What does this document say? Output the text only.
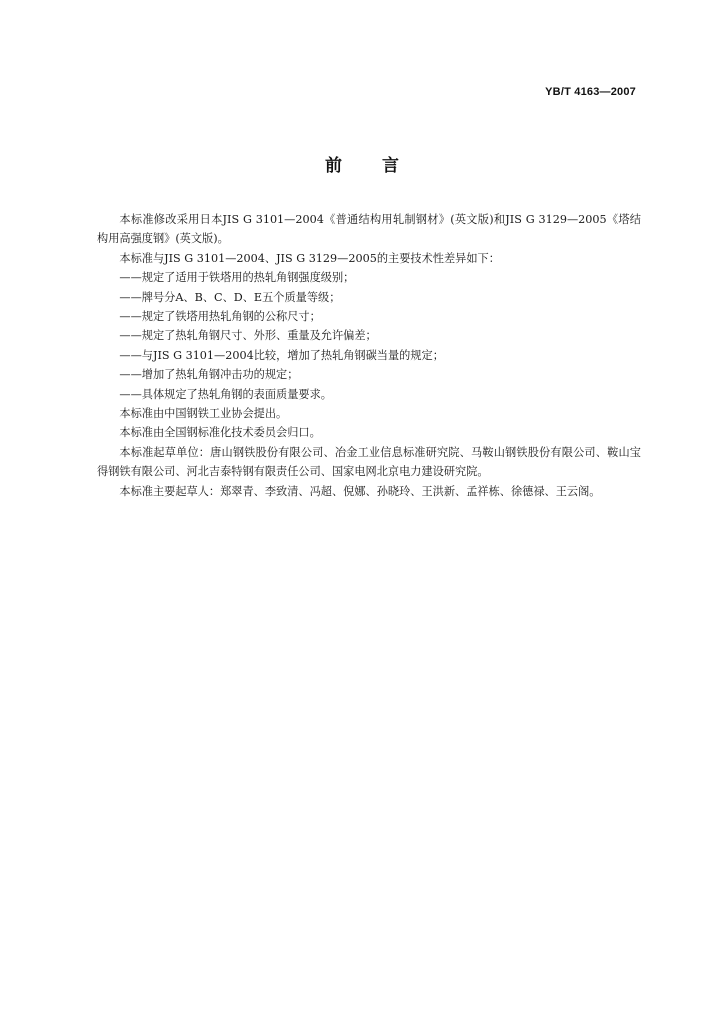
YB/T 4163—2007
前言

本标准修改采用日本JIS G 3101—2004《普通结构用轧制钢材》(英文版)和JIS G 3129—2005《塔结构用高强度钢》(英文版)。

本标准与JIS G 3101—2004、JIS G 3129—2005的主要技术性差异如下：

——规定了适用于铁塔用的热轧角钢强度级别；

——牌号分A、B、C、D、E五个质量等级；

——规定了铁塔用热轧角钢的公称尺寸；

——规定了热轧角钢尺寸、外形、重量及允许偏差；

——与JIS G 3101—2004比较，增加了热轧角钢碳当量的规定；

——增加了热轧角钢冲击功的规定；

——具体规定了热轧角钢的表面质量要求。

本标准由中国钢铁工业协会提出。

本标准由全国钢标准化技术委员会归口。

本标准起草单位：唐山钢铁股份有限公司、冶金工业信息标准研究院、马鞍山钢铁股份有限公司、鞍山宝得钢铁有限公司、河北吉泰特钢有限责任公司、国家电网北京电力建设研究院。

本标准主要起草人：郑翠青、李致清、冯超、倪娜、孙晓玲、王洪新、孟祥栋、徐德禄、王云阁。
